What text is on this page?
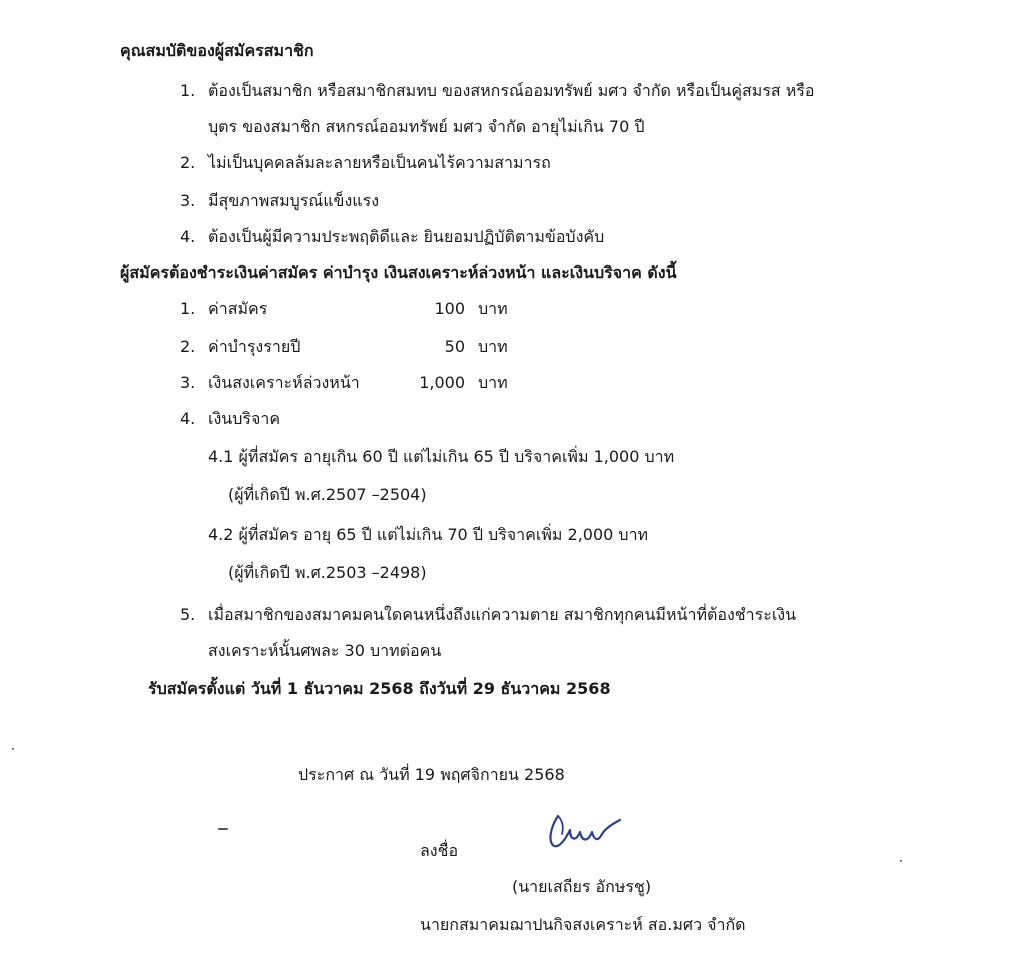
คุณสมบัติของผู้สมัครสมาชิก
1. ต้องเป็นสมาชิก หรือสมาชิกสมทบ ของสหกรณ์ออมทรัพย์ มศว จำกัด หรือเป็นคู่สมรส หรือ
บุตร ของสมาชิก สหกรณ์ออมทรัพย์ มศว จำกัด อายุไม่เกิน 70 ปี
2. ไม่เป็นบุคคลล้มละลายหรือเป็นคนไร้ความสามารถ
3. มีสุขภาพสมบูรณ์แข็งแรง
4. ต้องเป็นผู้มีความประพฤติดีและ ยินยอมปฏิบัติตามข้อบังคับ
ผู้สมัครต้องชำระเงินค่าสมัคร ค่าบำรุง เงินสงเคราะห์ล่วงหน้า และเงินบริจาค ดังนี้
1. ค่าสมัคร	100 บาท
2. ค่าบำรุงรายปี	50 บาท
3. เงินสงเคราะห์ล่วงหน้า	1,000 บาท
4. เงินบริจาค
4.1 ผู้ที่สมัคร อายุเกิน 60 ปี แต่ไม่เกิน 65 ปี บริจาคเพิ่ม 1,000 บาท
(ผู้ที่เกิดปี พ.ศ.2507 –2504)
4.2 ผู้ที่สมัคร อายุ 65 ปี แต่ไม่เกิน 70 ปี บริจาคเพิ่ม 2,000 บาท
(ผู้ที่เกิดปี พ.ศ.2503 –2498)
5. เมื่อสมาชิกของสมาคมคนใดคนหนึ่งถึงแก่ความตาย สมาชิกทุกคนมีหน้าที่ต้องชำระเงิน
สงเคราะห์นั้นศพละ 30 บาทต่อคน
รับสมัครตั้งแต่ วันที่ 1 ธันวาคม 2568 ถึงวันที่ 29 ธันวาคม 2568
ประกาศ ณ วันที่ 19 พฤศจิกายน 2568
ลงชื่อ
(นายเสถียร อักษรชู)
นายกสมาคมฌาปนกิจสงเคราะห์ สอ.มศว จำกัด
